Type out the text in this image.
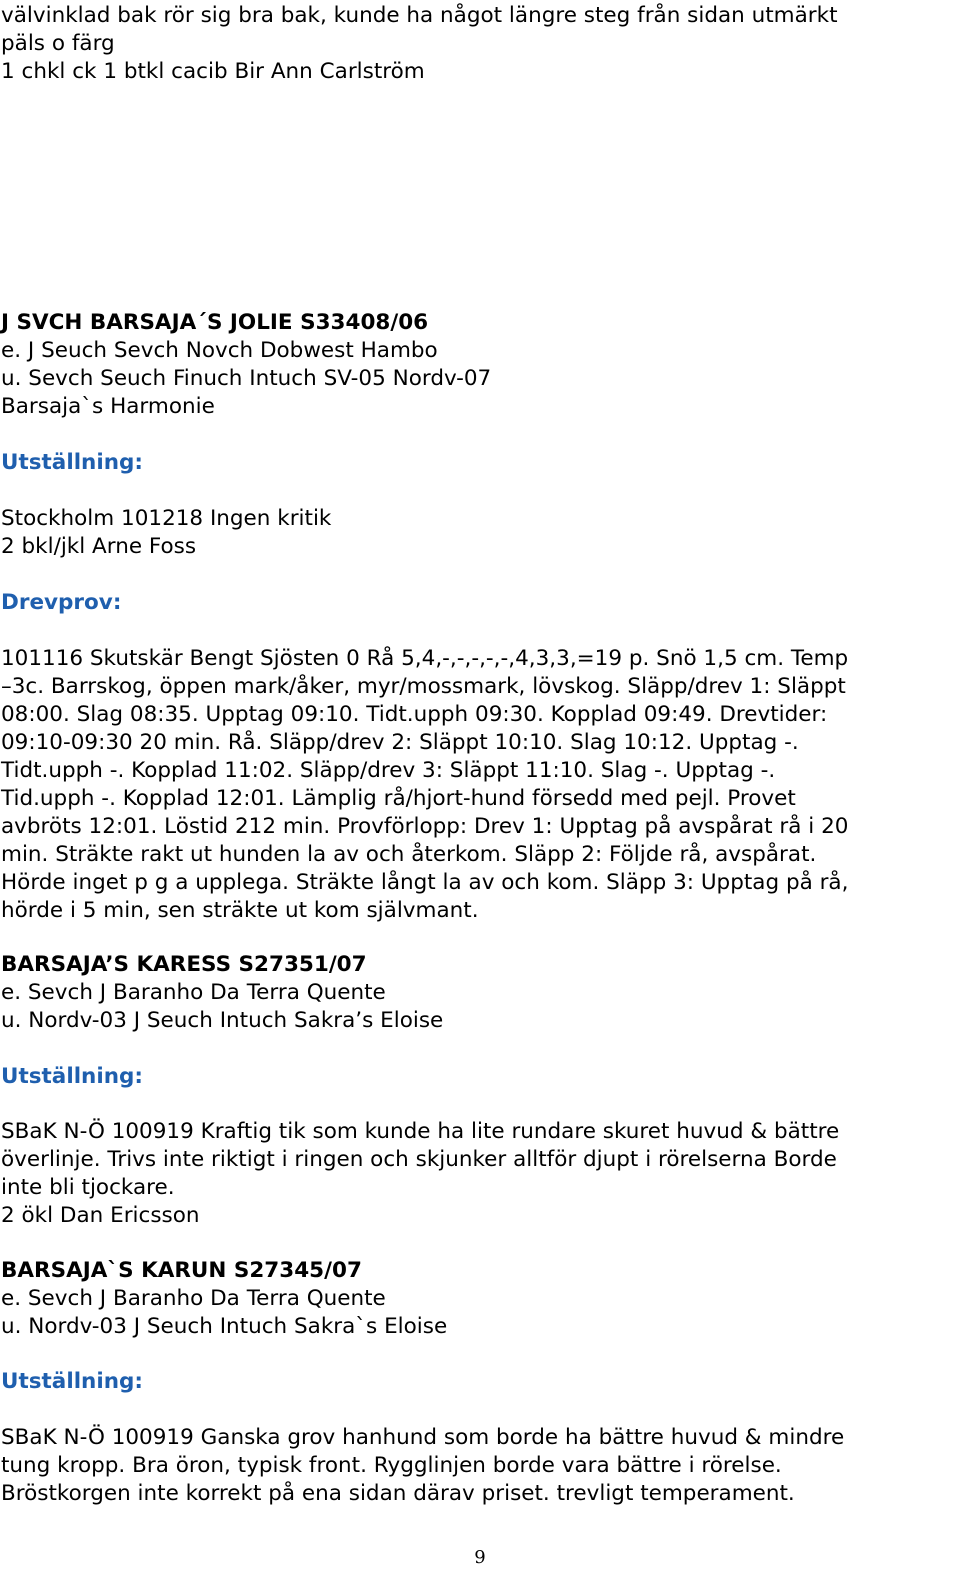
välvinklad bak rör sig bra bak, kunde ha något längre steg från sidan utmärkt

päls o färg

1 chkl ck 1 btkl cacib Bir Ann Carlström

J SVCH BARSAJA´S JOLIE S33408/06

e. J Seuch Sevch Novch Dobwest Hambo

u. Sevch Seuch Finuch Intuch SV-05 Nordv-07

Barsaja`s Harmonie

Utställning:

Stockholm 101218 Ingen kritik

2 bkl/jkl Arne Foss

Drevprov:

101116 Skutskär Bengt Sjösten 0 Rå 5,4,-,-,-,-,-,4,3,3,=19 p. Snö 1,5 cm. Temp

–3c. Barrskog, öppen mark/åker, myr/mossmark, lövskog. Släpp/drev 1: Släppt

08:00. Slag 08:35. Upptag 09:10. Tidt.upph 09:30. Kopplad 09:49. Drevtider:

09:10-09:30 20 min. Rå. Släpp/drev 2: Släppt 10:10. Slag 10:12. Upptag -.

Tidt.upph -. Kopplad 11:02. Släpp/drev 3: Släppt 11:10. Slag -. Upptag -.

Tid.upph -. Kopplad 12:01. Lämplig rå/hjort-hund försedd med pejl. Provet

avbröts 12:01. Löstid 212 min. Provförlopp: Drev 1: Upptag på avspårat rå i 20

min. Sträkte rakt ut hunden la av och återkom. Släpp 2: Följde rå, avspårat.

Hörde inget p g a upplega. Sträkte långt la av och kom. Släpp 3: Upptag på rå,

hörde i 5 min, sen sträkte ut kom självmant.

BARSAJA’S KARESS S27351/07

e. Sevch J Baranho Da Terra Quente

u. Nordv-03 J Seuch Intuch Sakra’s Eloise

Utställning:

SBaK N-Ö 100919 Kraftig tik som kunde ha lite rundare skuret huvud & bättre

överlinje. Trivs inte riktigt i ringen och skjunker alltför djupt i rörelserna Borde

inte bli tjockare.

2 ökl Dan Ericsson

BARSAJA`S KARUN S27345/07

e. Sevch J Baranho Da Terra Quente

u. Nordv-03 J Seuch Intuch Sakra`s Eloise

Utställning:

SBaK N-Ö 100919 Ganska grov hanhund som borde ha bättre huvud & mindre

tung kropp. Bra öron, typisk front. Rygglinjen borde vara bättre i rörelse.

Bröstkorgen inte korrekt på ena sidan därav priset. trevligt temperament.

9
